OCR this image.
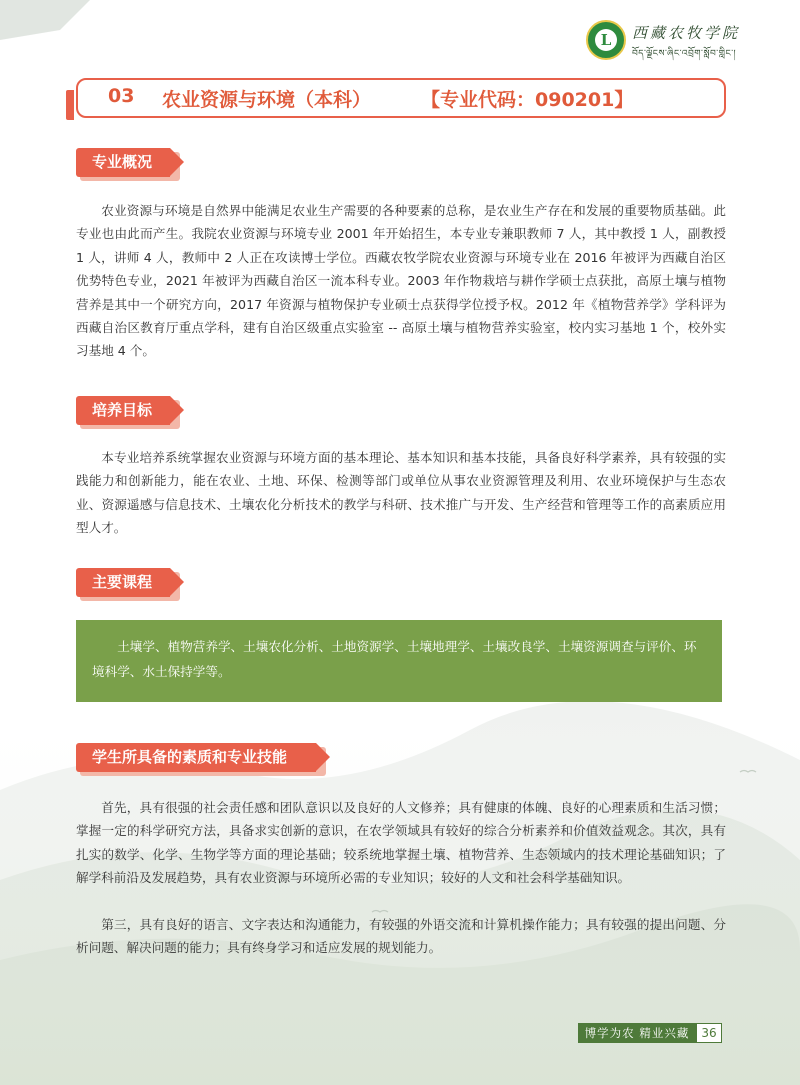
L	西藏农牧学院
བོད་ལྗོངས་ཞིང་འབྲོག་སློབ་གླིང་།
03 农业资源与环境（本科）	【专业代码：090201】
专业概况

农业资源与环境是自然界中能满足农业生产需要的各种要素的总称，是农业生产存在和发展的重要物质基础。此专业也由此而产生。我院农业资源与环境专业 2001 年开始招生，本专业专兼职教师 7 人，其中教授 1 人，副教授 1 人，讲师 4 人，教师中 2 人正在攻读博士学位。西藏农牧学院农业资源与环境专业在 2016 年被评为西藏自治区优势特色专业，2021 年被评为西藏自治区一流本科专业。2003 年作物栽培与耕作学硕士点获批，高原土壤与植物营养是其中一个研究方向，2017 年资源与植物保护专业硕士点获得学位授予权。2012 年《植物营养学》学科评为西藏自治区教育厅重点学科，建有自治区级重点实验室 -- 高原土壤与植物营养实验室，校内实习基地 1 个，校外实习基地 4 个。

培养目标

本专业培养系统掌握农业资源与环境方面的基本理论、基本知识和基本技能，具备良好科学素养，具有较强的实践能力和创新能力，能在农业、土地、环保、检测等部门或单位从事农业资源管理及利用、农业环境保护与生态农业、资源遥感与信息技术、土壤农化分析技术的教学与科研、技术推广与开发、生产经营和管理等工作的高素质应用型人才。

主要课程

土壤学、植物营养学、土壤农化分析、土地资源学、土壤地理学、土壤改良学、土壤资源调查与评价、环境科学、水土保持学等。

学生所具备的素质和专业技能

首先，具有很强的社会责任感和团队意识以及良好的人文修养；具有健康的体魄、良好的心理素质和生活习惯；掌握一定的科学研究方法，具备求实创新的意识，在农学领域具有较好的综合分析素养和价值效益观念。其次，具有扎实的数学、化学、生物学等方面的理论基础；较系统地掌握土壤、植物营养、生态领域内的技术理论基础知识；了解学科前沿及发展趋势，具有农业资源与环境所必需的专业知识；较好的人文和社会科学基础知识。

第三，具有良好的语言、文字表达和沟通能力，有较强的外语交流和计算机操作能力；具有较强的提出问题、分析问题、解决问题的能力；具有终身学习和适应发展的规划能力。

博学为农 精业兴藏	36
